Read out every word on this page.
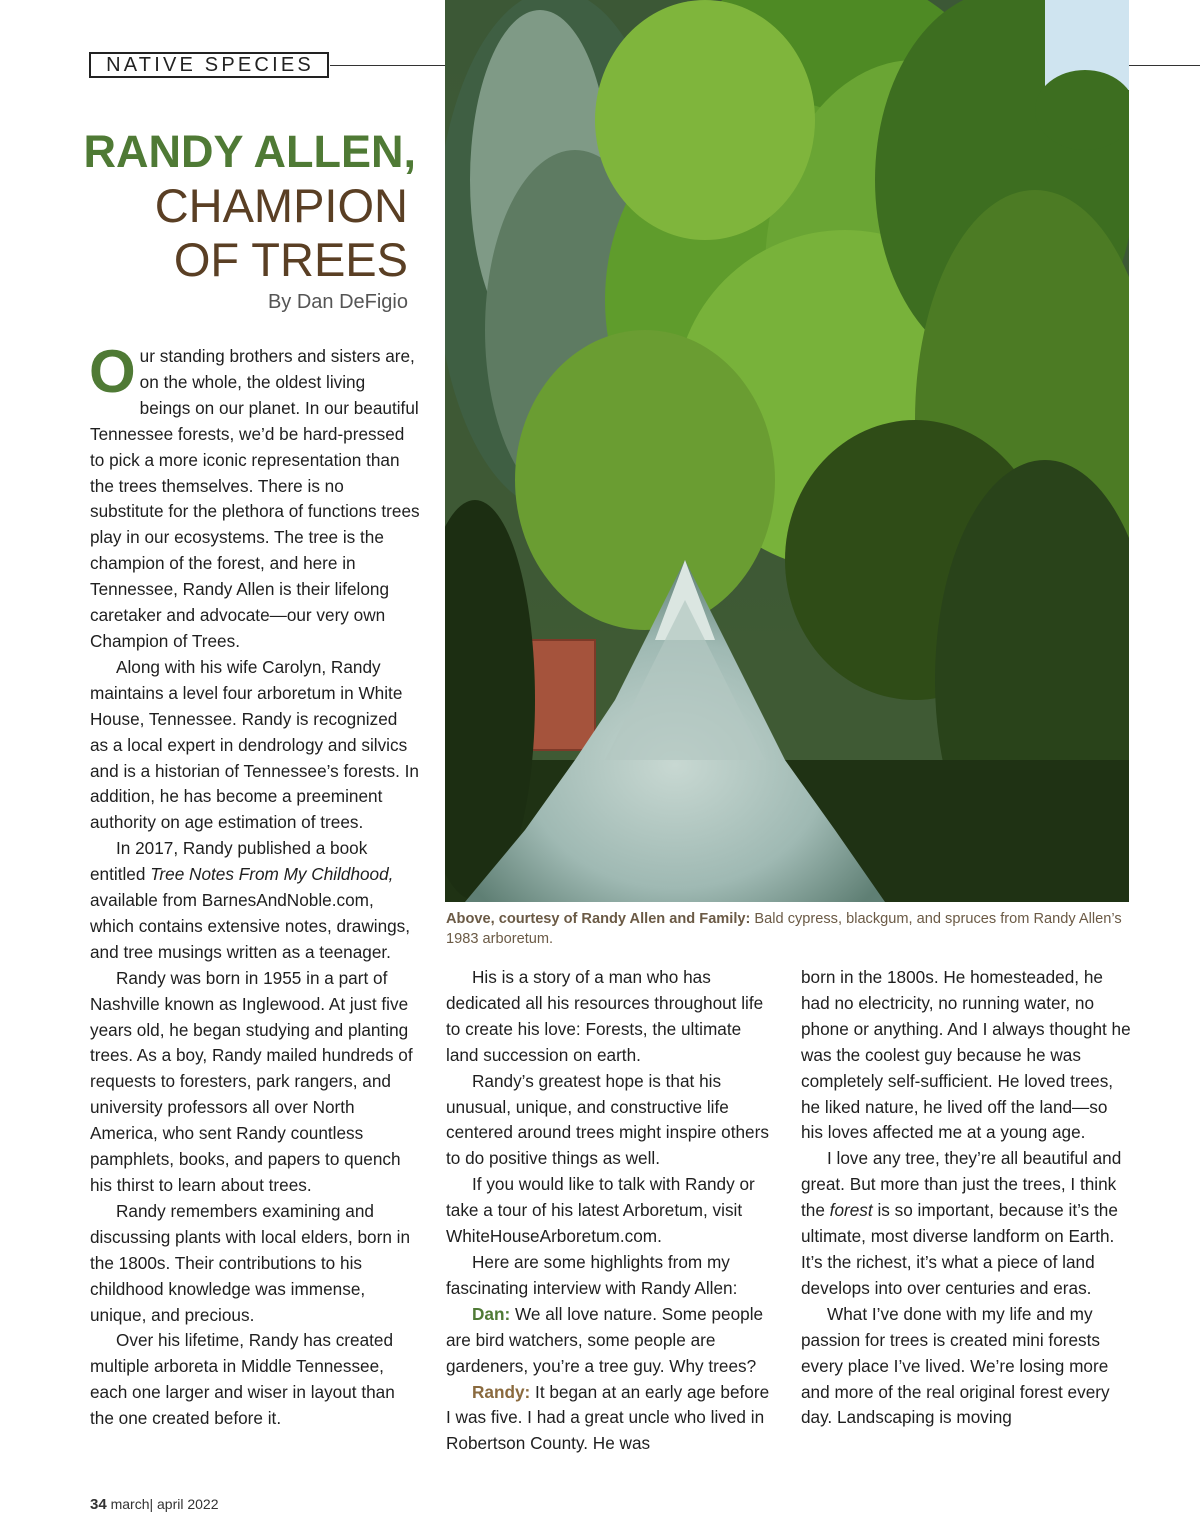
NATIVE SPECIES
RANDY ALLEN,
CHAMPION
OF TREES
By Dan DeFigio

Our standing brothers and sisters are, on the whole, the oldest living beings on our planet. In our beautiful Tennessee forests, we’d be hard-pressed to pick a more iconic representation than the trees themselves. There is no substitute for the plethora of functions trees play in our ecosystems. The tree is the champion of the forest, and here in Tennessee, Randy Allen is their lifelong caretaker and advocate—our very own Champion of Trees.

Along with his wife Carolyn, Randy maintains a level four arboretum in White House, Tennessee. Randy is recognized as a local expert in dendrology and silvics and is a historian of Tennessee’s forests. In addition, he has become a preeminent authority on age estimation of trees.

In 2017, Randy published a book entitled Tree Notes From My Childhood, available from BarnesAndNoble.com, which contains extensive notes, drawings, and tree musings written as a teenager.

Randy was born in 1955 in a part of Nashville known as Inglewood. At just five years old, he began studying and planting trees. As a boy, Randy mailed hundreds of requests to foresters, park rangers, and university professors all over North America, who sent Randy countless pamphlets, books, and papers to quench his thirst to learn about trees.

Randy remembers examining and discussing plants with local elders, born in the 1800s. Their contributions to his childhood knowledge was immense, unique, and precious.

Over his lifetime, Randy has created multiple arboreta in Middle Tennessee, each one larger and wiser in layout than the one created before it.

Above, courtesy of Randy Allen and Family: Bald cypress, blackgum, and spruces from Randy Allen’s 1983 arboretum.

His is a story of a man who has dedicated all his resources throughout life to create his love: Forests, the ultimate land succession on earth.

Randy’s greatest hope is that his unusual, unique, and constructive life centered around trees might inspire others to do positive things as well.

If you would like to talk with Randy or take a tour of his latest Arboretum, visit WhiteHouseArboretum.com.

Here are some highlights from my fascinating interview with Randy Allen:

Dan: We all love nature. Some people are bird watchers, some people are gardeners, you’re a tree guy. Why trees?

Randy: It began at an early age before I was five. I had a great uncle who lived in Robertson County. He was

born in the 1800s. He homesteaded, he had no electricity, no running water, no phone or anything. And I always thought he was the coolest guy because he was completely self-sufficient. He loved trees, he liked nature, he lived off the land—so his loves affected me at a young age.

I love any tree, they’re all beautiful and great. But more than just the trees, I think the forest is so important, because it’s the ultimate, most diverse landform on Earth. It’s the richest, it’s what a piece of land develops into over centuries and eras.

What I’ve done with my life and my passion for trees is created mini forests every place I’ve lived. We’re losing more and more of the real original forest every day. Landscaping is moving

34 march| april 2022
